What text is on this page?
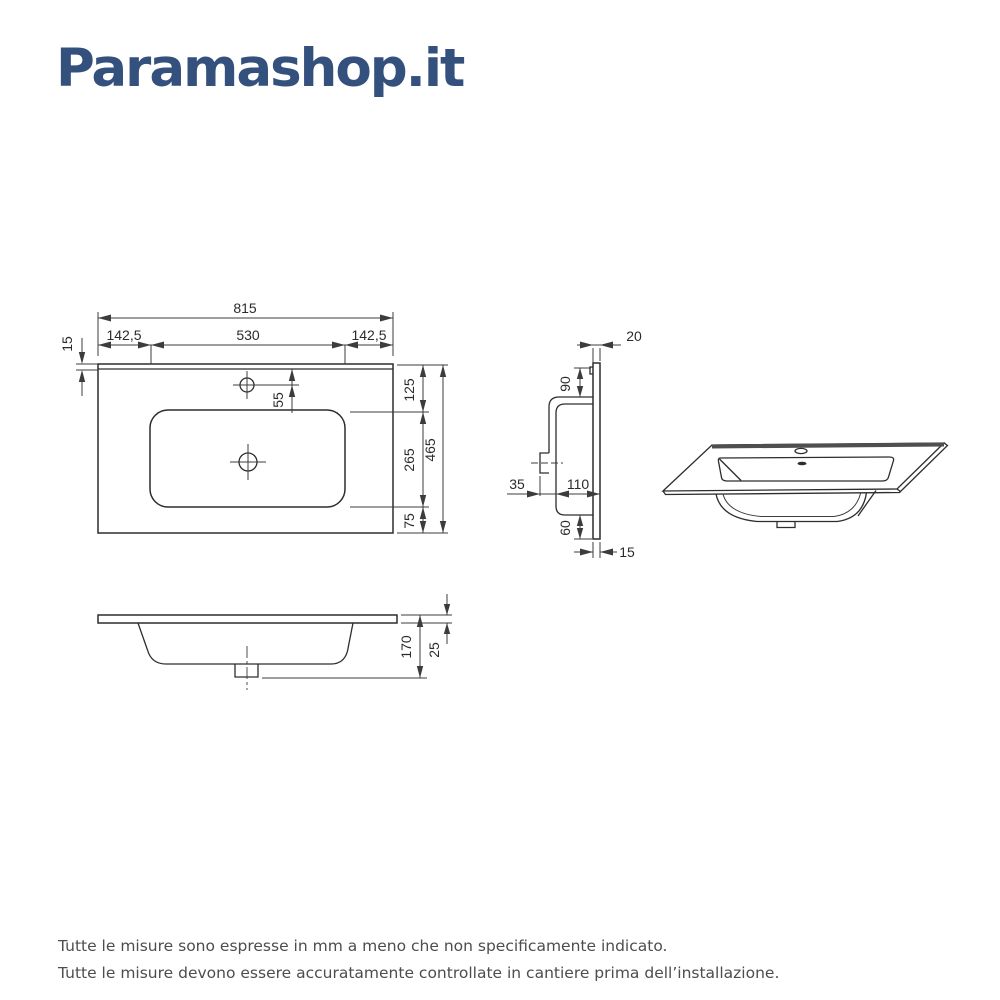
Paramashop.it
815
142,5	530	142,5
15
55	125
265
75
465
20
90
35	110
60
15
170 25
Tutte le misure sono espresse in mm a meno che non specificamente indicato.
Tutte le misure devono essere accuratamente controllate in cantiere prima dell’installazione.
